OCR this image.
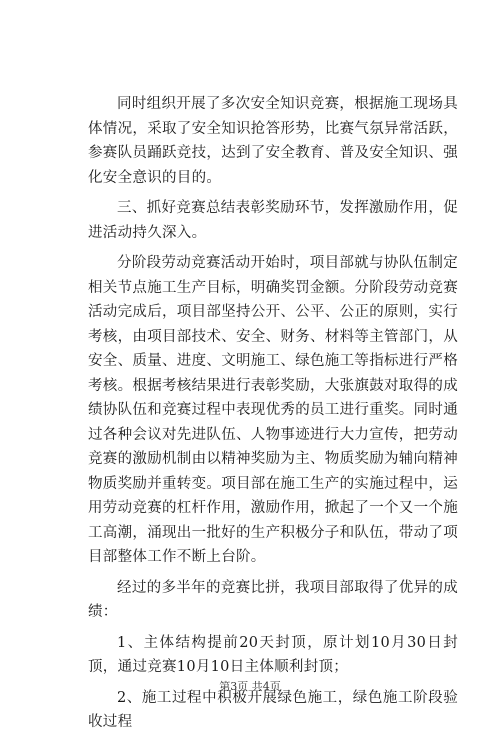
同时组织开展了多次安全知识竞赛，根据施工现场具体情况，采取了安全知识抢答形势，比赛气氛异常活跃，参赛队员踊跃竞技，达到了安全教育、普及安全知识、强化安全意识的目的。

三、抓好竞赛总结表彰奖励环节，发挥激励作用，促进活动持久深入。

分阶段劳动竞赛活动开始时，项目部就与协队伍制定相关节点施工生产目标，明确奖罚金额。分阶段劳动竞赛活动完成后，项目部坚持公开、公平、公正的原则，实行考核，由项目部技术、安全、财务、材料等主管部门，从安全、质量、进度、文明施工、绿色施工等指标进行严格考核。根据考核结果进行表彰奖励，大张旗鼓对取得的成绩协队伍和竞赛过程中表现优秀的员工进行重奖。同时通过各种会议对先进队伍、人物事迹进行大力宣传，把劳动竞赛的激励机制由以精神奖励为主、物质奖励为辅向精神物质奖励并重转变。项目部在施工生产的实施过程中，运用劳动竞赛的杠杆作用，激励作用，掀起了一个又一个施工高潮，涌现出一批好的生产积极分子和队伍，带动了项目部整体工作不断上台阶。

经过的多半年的竞赛比拼，我项目部取得了优异的成绩：

1、主体结构提前20天封顶，原计划10月30日封顶，通过竞赛10月10日主体顺利封顶；

2、施工过程中积极开展绿色施工，绿色施工阶段验收过程

第3页 共4页
